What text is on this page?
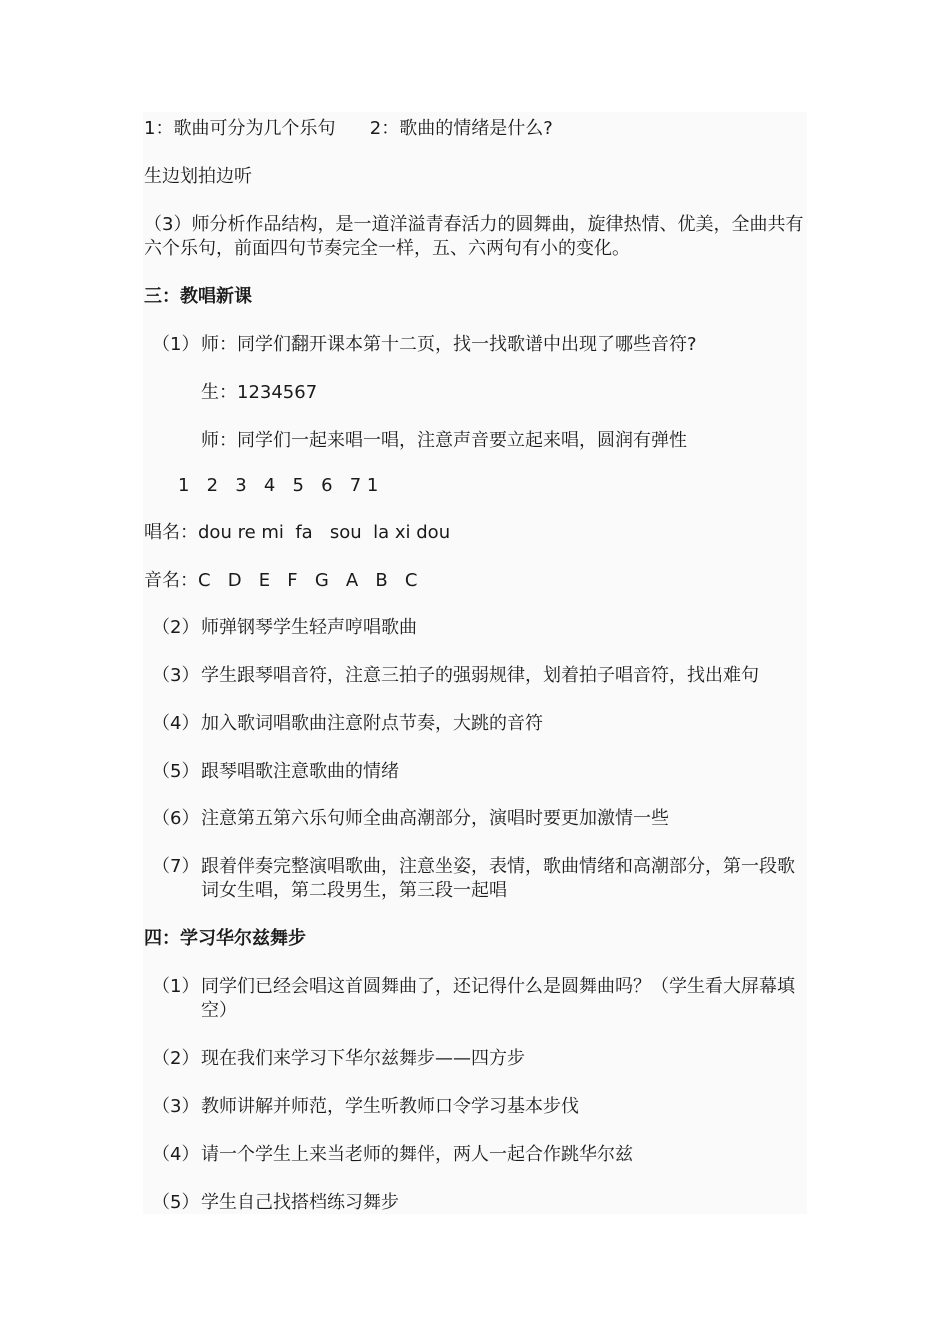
1：歌曲可分为几个乐句      2：歌曲的情绪是什么?
生边划拍边听
（3）师分析作品结构，是一道洋溢青春活力的圆舞曲，旋律热情、优美，全曲共有六个乐句，前面四句节奏完全一样，五、六两句有小的变化。
三：教唱新课
（1） 师：同学们翻开课本第十二页，找一找歌谱中出现了哪些音符?
生：1234567
师：同学们一起来唱一唱，注意声音要立起来唱，圆润有弹性
1   2   3   4   5   6   7 1
唱名：dou re mi  fa   sou  la xi dou
音名：C   D   E   F   G   A   B   C
（2） 师弹钢琴学生轻声哼唱歌曲
（3） 学生跟琴唱音符，注意三拍子的强弱规律，划着拍子唱音符，找出难句
（4） 加入歌词唱歌曲注意附点节奏，大跳的音符
（5） 跟琴唱歌注意歌曲的情绪
（6） 注意第五第六乐句师全曲高潮部分，演唱时要更加激情一些
（7） 跟着伴奏完整演唱歌曲，注意坐姿，表情，歌曲情绪和高潮部分，第一段歌词女生唱，第二段男生，第三段一起唱
四：学习华尔兹舞步
（1） 同学们已经会唱这首圆舞曲了，还记得什么是圆舞曲吗？（学生看大屏幕填空）
（2） 现在我们来学习下华尔兹舞步——四方步
（3） 教师讲解并师范，学生听教师口令学习基本步伐
（4） 请一个学生上来当老师的舞伴，两人一起合作跳华尔兹
（5） 学生自己找搭档练习舞步
